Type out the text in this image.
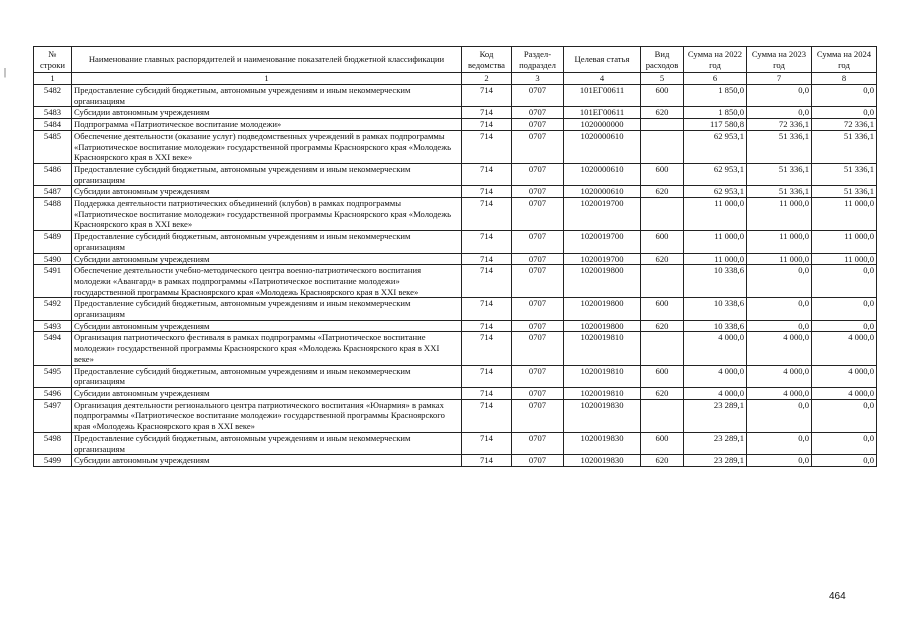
|
№ строки	Наименование главных распорядителей и наименование показателей бюджетной классификации	Код ведомства	Раздел-подраздел	Целевая статья	Вид расходов	Сумма на 2022 год	Сумма на 2023 год	Сумма на 2024 год
1	1	2	3	4	5	6	7	8
5482	Предоставление субсидий бюджетным, автономным учреждениям и иным некоммерческим организациям	714	0707	101ЕГ00611	600	1 850,0	0,0	0,0
5483	Субсидии автономным учреждениям	714	0707	101ЕГ00611	620	1 850,0	0,0	0,0
5484	Подпрограмма «Патриотическое воспитание молодежи»	714	0707	1020000000		117 580,8	72 336,1	72 336,1
5485	Обеспечение деятельности (оказание услуг) подведомственных учреждений в рамках подпрограммы «Патриотическое воспитание молодежи» государственной программы Красноярского края «Молодежь Красноярского края в XXI веке»	714	0707	1020000610		62 953,1	51 336,1	51 336,1
5486	Предоставление субсидий бюджетным, автономным учреждениям и иным некоммерческим организациям	714	0707	1020000610	600	62 953,1	51 336,1	51 336,1
5487	Субсидии автономным учреждениям	714	0707	1020000610	620	62 953,1	51 336,1	51 336,1
5488	Поддержка деятельности патриотических объединений (клубов) в рамках подпрограммы «Патриотическое воспитание молодежи» государственной программы Красноярского края «Молодежь Красноярского края в XXI веке»	714	0707	1020019700		11 000,0	11 000,0	11 000,0
5489	Предоставление субсидий бюджетным, автономным учреждениям и иным некоммерческим организациям	714	0707	1020019700	600	11 000,0	11 000,0	11 000,0
5490	Субсидии автономным учреждениям	714	0707	1020019700	620	11 000,0	11 000,0	11 000,0
5491	Обеспечение деятельности учебно-методического центра военно-патриотического воспитания молодежи «Авангард» в рамках подпрограммы «Патриотическое воспитание молодежи» государственной программы Красноярского края «Молодежь Красноярского края в XXI веке»	714	0707	1020019800		10 338,6	0,0	0,0
5492	Предоставление субсидий бюджетным, автономным учреждениям и иным некоммерческим организациям	714	0707	1020019800	600	10 338,6	0,0	0,0
5493	Субсидии автономным учреждениям	714	0707	1020019800	620	10 338,6	0,0	0,0
5494	Организация патриотического фестиваля в рамках подпрограммы «Патриотическое воспитание молодежи» государственной программы Красноярского края «Молодежь Красноярского края в XXI веке»	714	0707	1020019810		4 000,0	4 000,0	4 000,0
5495	Предоставление субсидий бюджетным, автономным учреждениям и иным некоммерческим организациям	714	0707	1020019810	600	4 000,0	4 000,0	4 000,0
5496	Субсидии автономным учреждениям	714	0707	1020019810	620	4 000,0	4 000,0	4 000,0
5497	Организация деятельности регионального центра патриотического воспитания «Юнармия» в рамках подпрограммы «Патриотическое воспитание молодежи» государственной программы Красноярского края «Молодежь Красноярского края в XXI веке»	714	0707	1020019830		23 289,1	0,0	0,0
5498	Предоставление субсидий бюджетным, автономным учреждениям и иным некоммерческим организациям	714	0707	1020019830	600	23 289,1	0,0	0,0
5499	Субсидии автономным учреждениям	714	0707	1020019830	620	23 289,1	0,0	0,0
464
